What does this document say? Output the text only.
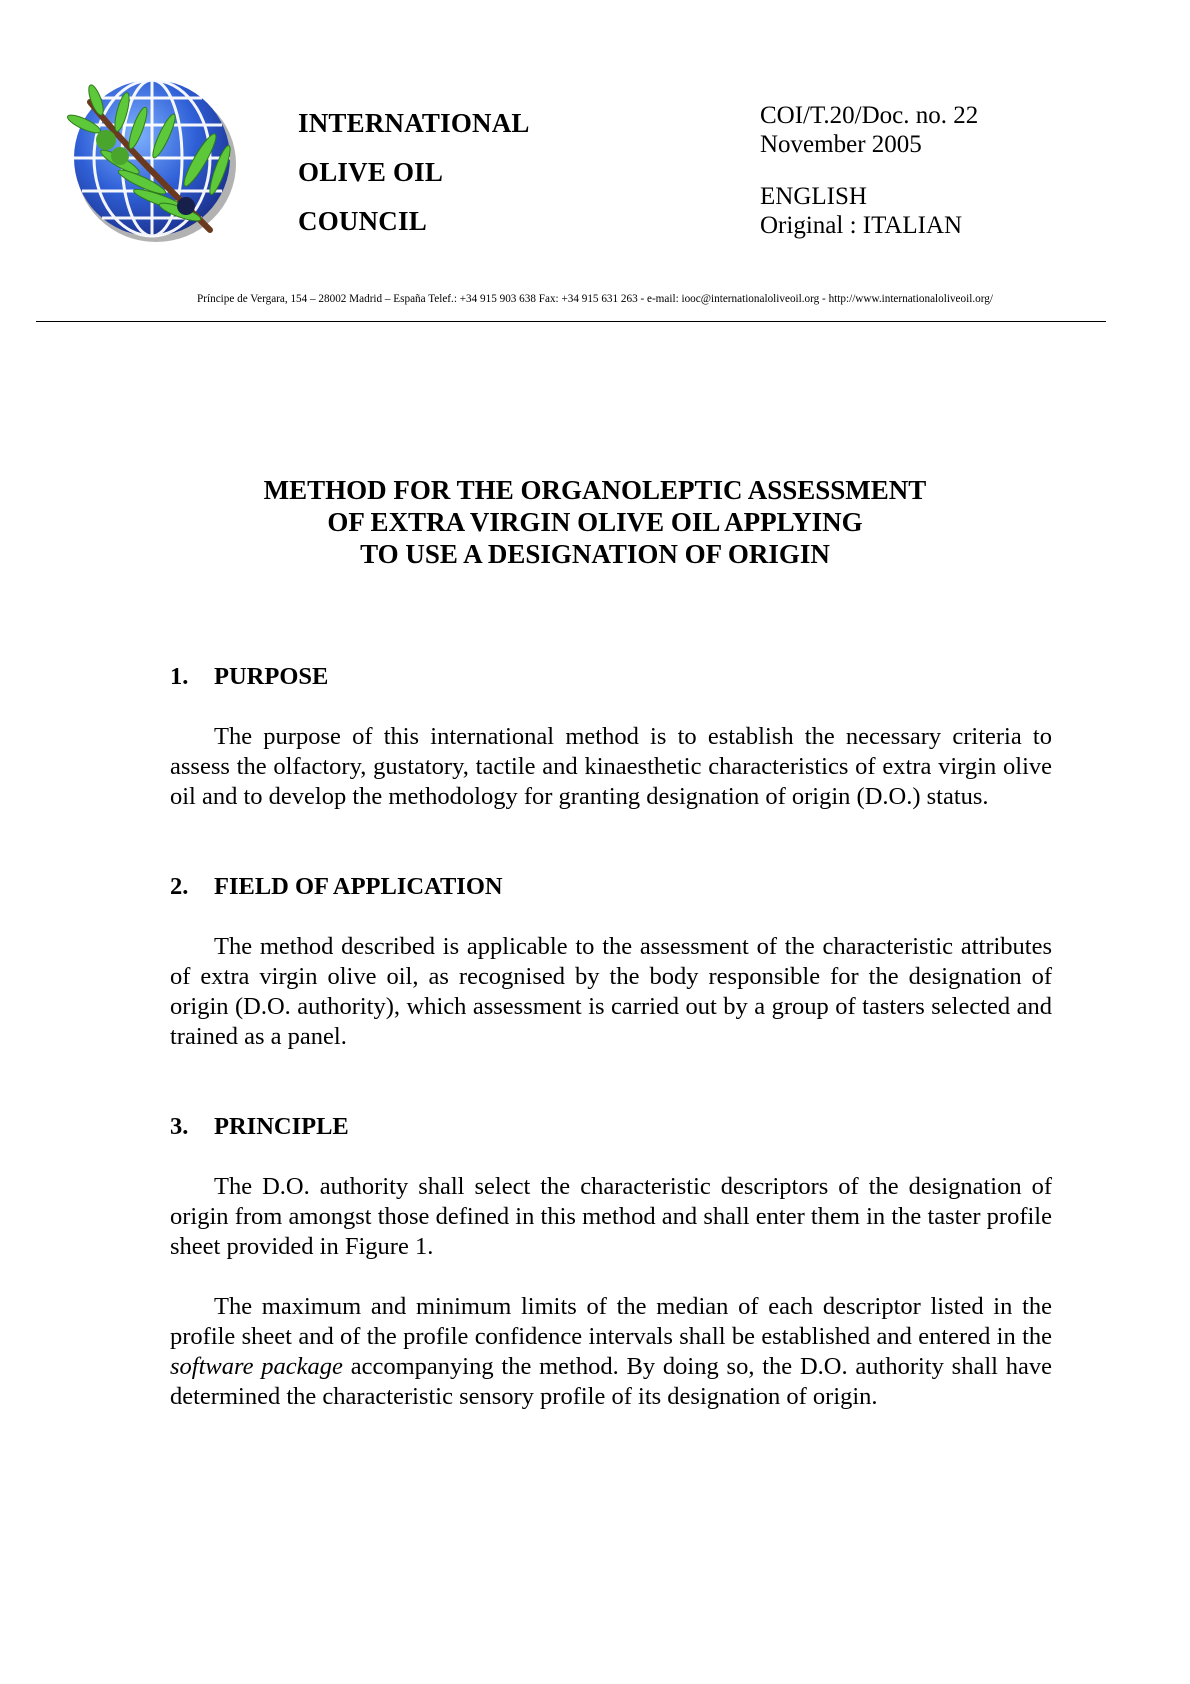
INTERNATIONAL
OLIVE OIL
COUNCIL
COI/T.20/Doc. no. 22
November 2005
ENGLISH
Original : ITALIAN
Príncipe de Vergara, 154 – 28002 Madrid – España Telef.: +34 915 903 638 Fax: +34 915 631 263 - e-mail: iooc@internationaloliveoil.org - http://www.internationaloliveoil.org/
METHOD FOR THE ORGANOLEPTIC ASSESSMENT
OF EXTRA VIRGIN OLIVE OIL APPLYING
TO USE A DESIGNATION OF ORIGIN
1.	PURPOSE

The purpose of this international method is to establish the necessary criteria to assess the olfactory, gustatory, tactile and kinaesthetic characteristics of extra virgin olive oil and to develop the methodology for granting designation of origin (D.O.) status.

2.	FIELD OF APPLICATION

The method described is applicable to the assessment of the characteristic attributes of extra virgin olive oil, as recognised by the body responsible for the designation of origin (D.O. authority), which assessment is carried out by a group of tasters selected and trained as a panel.

3.	PRINCIPLE

The D.O. authority shall select the characteristic descriptors of the designation of origin from amongst those defined in this method and shall enter them in the taster profile sheet provided in Figure 1.

The maximum and minimum limits of the median of each descriptor listed in the profile sheet and of the profile confidence intervals shall be established and entered in the software package accompanying the method. By doing so, the D.O. authority shall have determined the characteristic sensory profile of its designation of origin.
